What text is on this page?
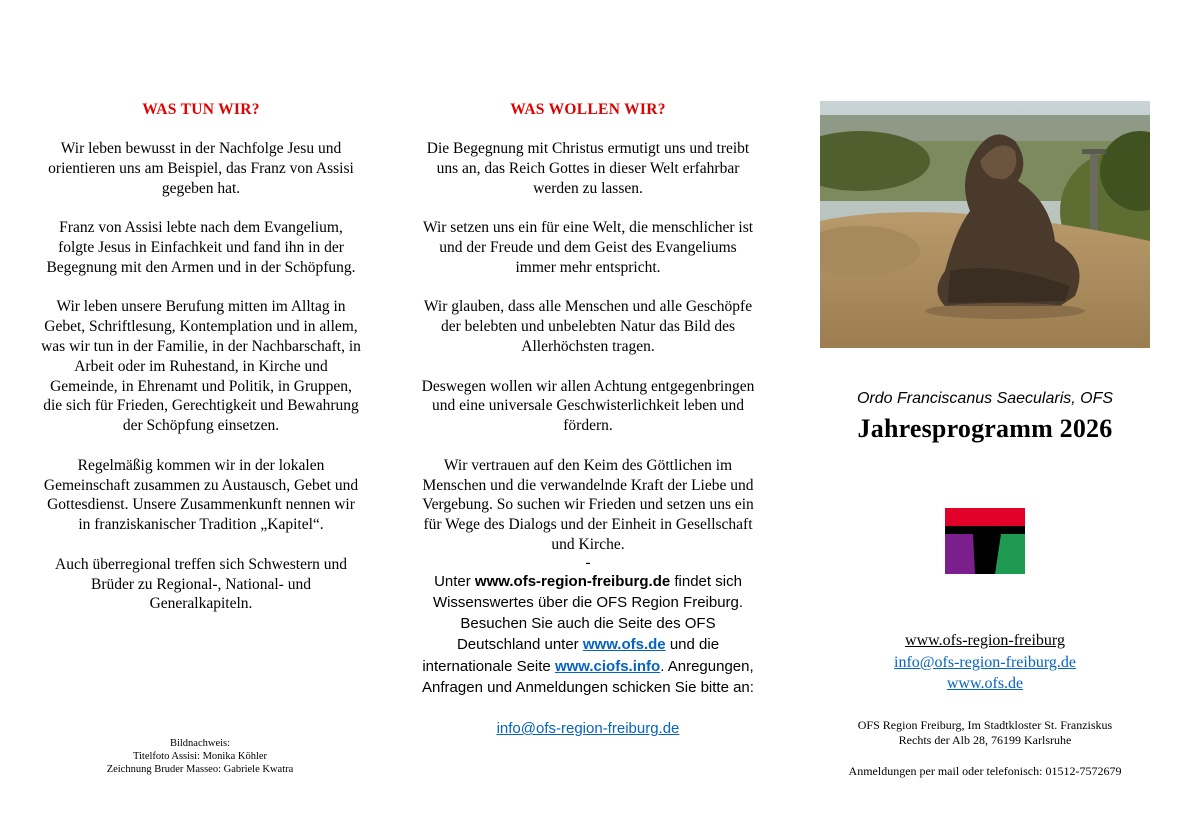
WAS TUN WIR?

Wir leben bewusst in der Nachfolge Jesu und orientieren uns am Beispiel, das Franz von Assisi gegeben hat.

Franz von Assisi lebte nach dem Evangelium, folgte Jesus in Einfachkeit und fand ihn in der Begegnung mit den Armen und in der Schöpfung.

Wir leben unsere Berufung mitten im Alltag in Gebet, Schriftlesung, Kontemplation und in allem, was wir tun in der Familie, in der Nachbarschaft, in Arbeit oder im Ruhestand, in Kirche und Gemeinde, in Ehrenamt und Politik, in Gruppen, die sich für Frieden, Gerechtigkeit und Bewahrung der Schöpfung einsetzen.

Regelmäßig kommen wir in der lokalen Gemeinschaft zusammen zu Austausch, Gebet und Gottesdienst. Unsere Zusammenkunft nennen wir in franziskanischer Tradition „Kapitel“.

Auch überregional treffen sich Schwestern und Brüder zu Regional-, National- und Generalkapiteln.

Bildnachweis:
Titelfoto Assisi: Monika Köhler
Zeichnung Bruder Masseo: Gabriele Kwatra
WAS WOLLEN WIR?

Die Begegnung mit Christus ermutigt uns und treibt uns an, das Reich Gottes in dieser Welt erfahrbar werden zu lassen.

Wir setzen uns ein für eine Welt, die menschlicher ist und der Freude und dem Geist des Evangeliums immer mehr entspricht.

Wir glauben, dass alle Menschen und alle Geschöpfe der belebten und unbelebten Natur das Bild des Allerhöchsten tragen.

Deswegen wollen wir allen Achtung entgegenbringen und eine universale Geschwisterlichkeit leben und fördern.

Wir vertrauen auf den Keim des Göttlichen im Menschen und die verwandelnde Kraft der Liebe und Vergebung. So suchen wir Frieden und setzen uns ein für Wege des Dialogs und der Einheit in Gesellschaft und Kirche.

-
Unter www.ofs-region-freiburg.de findet sich Wissenswertes über die OFS Region Freiburg. Besuchen Sie auch die Seite des OFS Deutschland unter www.ofs.de und die internationale Seite www.ciofs.info. Anregungen, Anfragen und Anmeldungen schicken Sie bitte an:
info@ofs-region-freiburg.de
Ordo Franciscanus Saecularis, OFS
Jahresprogramm 2026
www.ofs-region-freiburg
info@ofs-region-freiburg.de
www.ofs.de
OFS Region Freiburg, Im Stadtkloster St. Franziskus
Rechts der Alb 28, 76199 Karlsruhe
Anmeldungen per mail oder telefonisch: 01512-7572679
